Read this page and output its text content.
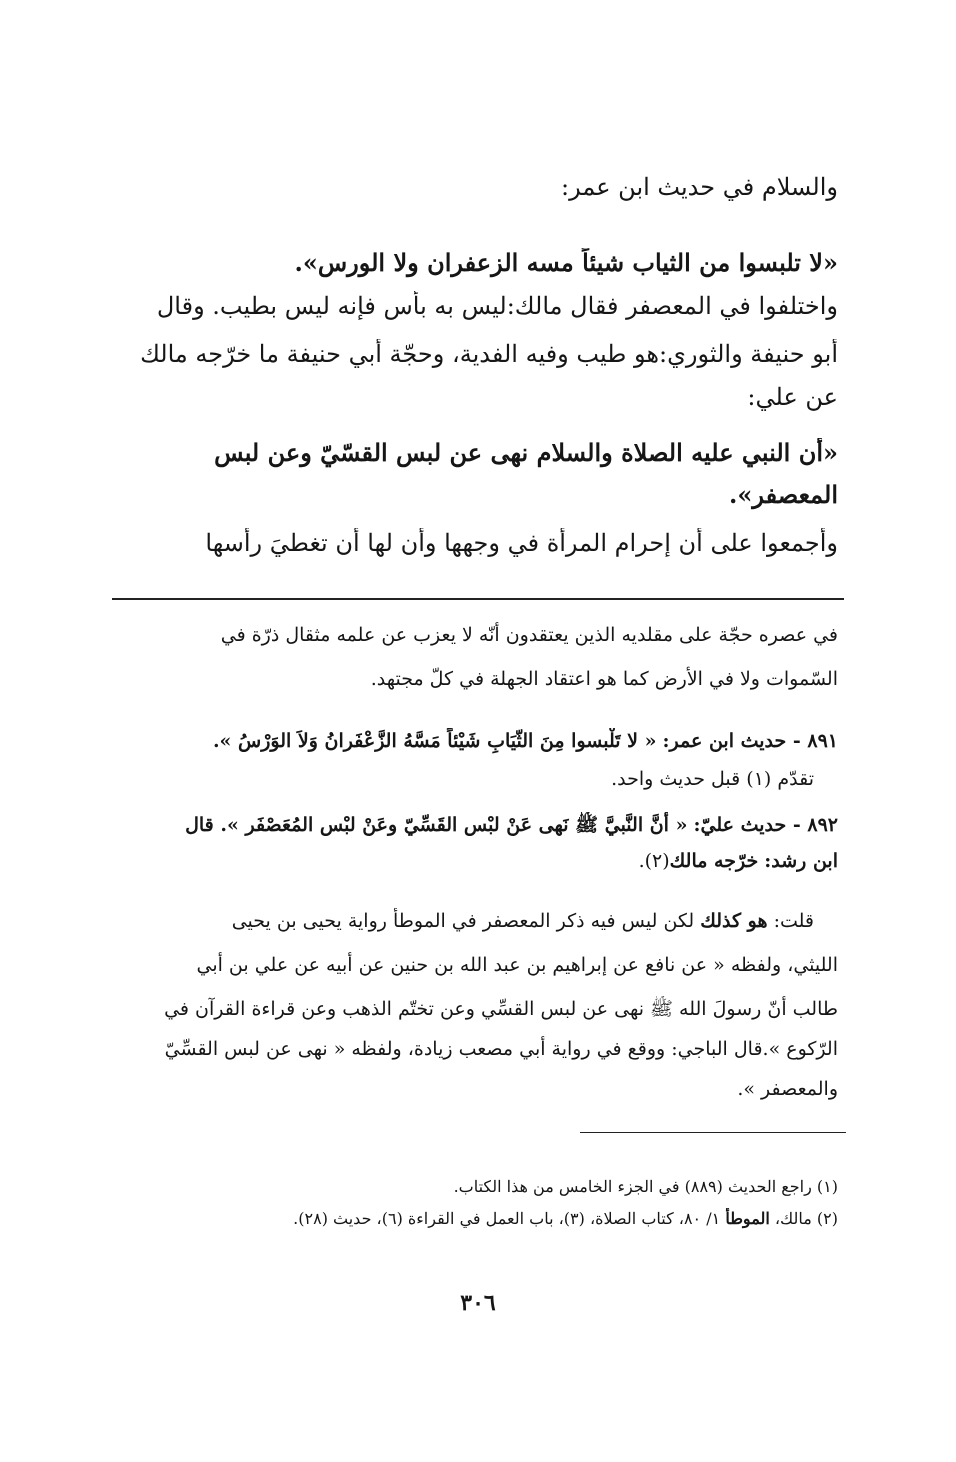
والسلام في حديث ابن عمر:
«لا تلبسوا من الثياب شيئاً مسه الزعفران ولا الورس».
واختلفوا في المعصفر فقال مالك:ليس به بأس فإنه ليس بطيب. وقال
أبو حنيفة والثوري:هو طيب وفيه الفدية، وحجّة أبي حنيفة ما خرّجه مالك
عن علي:
«أن النبي عليه الصلاة والسلام نهى عن لبس القسّيّ وعن لبس
المعصفر».
وأجمعوا على أن إحرام المرأة في وجهها وأن لها أن تغطيَ رأسها
في عصره حجّة على مقلديه الذين يعتقدون أنّه لا يعزب عن علمه مثقال ذرّة في
السّموات ولا في الأرض كما هو اعتقاد الجهلة في كلّ مجتهد.
٨٩١ - حديث ابن عمر: « لا تَلْبسوا مِنَ الثّيَابِ شَيْئاً مَسَّهُ الزَّعْفَرانُ وَلاَ الوَرْسُ ».
تقدّم (١) قبل حديث واحد.
٨٩٢ - حديث عليّ: « أَنَّ النَّبيَّ ﷺ نَهى عَنْ لبْس القَسِّيّ وعَنْ لبْس المُعَصْفَر ». قال
ابن رشد: خرّجه مالك(٢).
قلت: هو كذلك لكن ليس فيه ذكر المعصفر في الموطأ رواية يحيى بن يحيى
الليثي، ولفظه « عن نافع عن إبراهيم بن عبد الله بن حنين عن أبيه عن علي بن أبي
طالب أنّ رسولَ الله ﷺ نهى عن لبس القسِّي وعن تختّم الذهب وعن قراءة القرآن في
الرّكوع ».قال الباجي: ووقع في رواية أبي مصعب زيادة، ولفظه « نهى عن لبس القسِّيّ
والمعصفر ».
(١) راجع الحديث (٨٨٩) في الجزء الخامس من هذا الكتاب.
(٢) مالك، الموطأ ١/ ٨٠، كتاب الصلاة، (٣)، باب العمل في القراءة (٦)، حديث (٢٨).
٣٠٦
